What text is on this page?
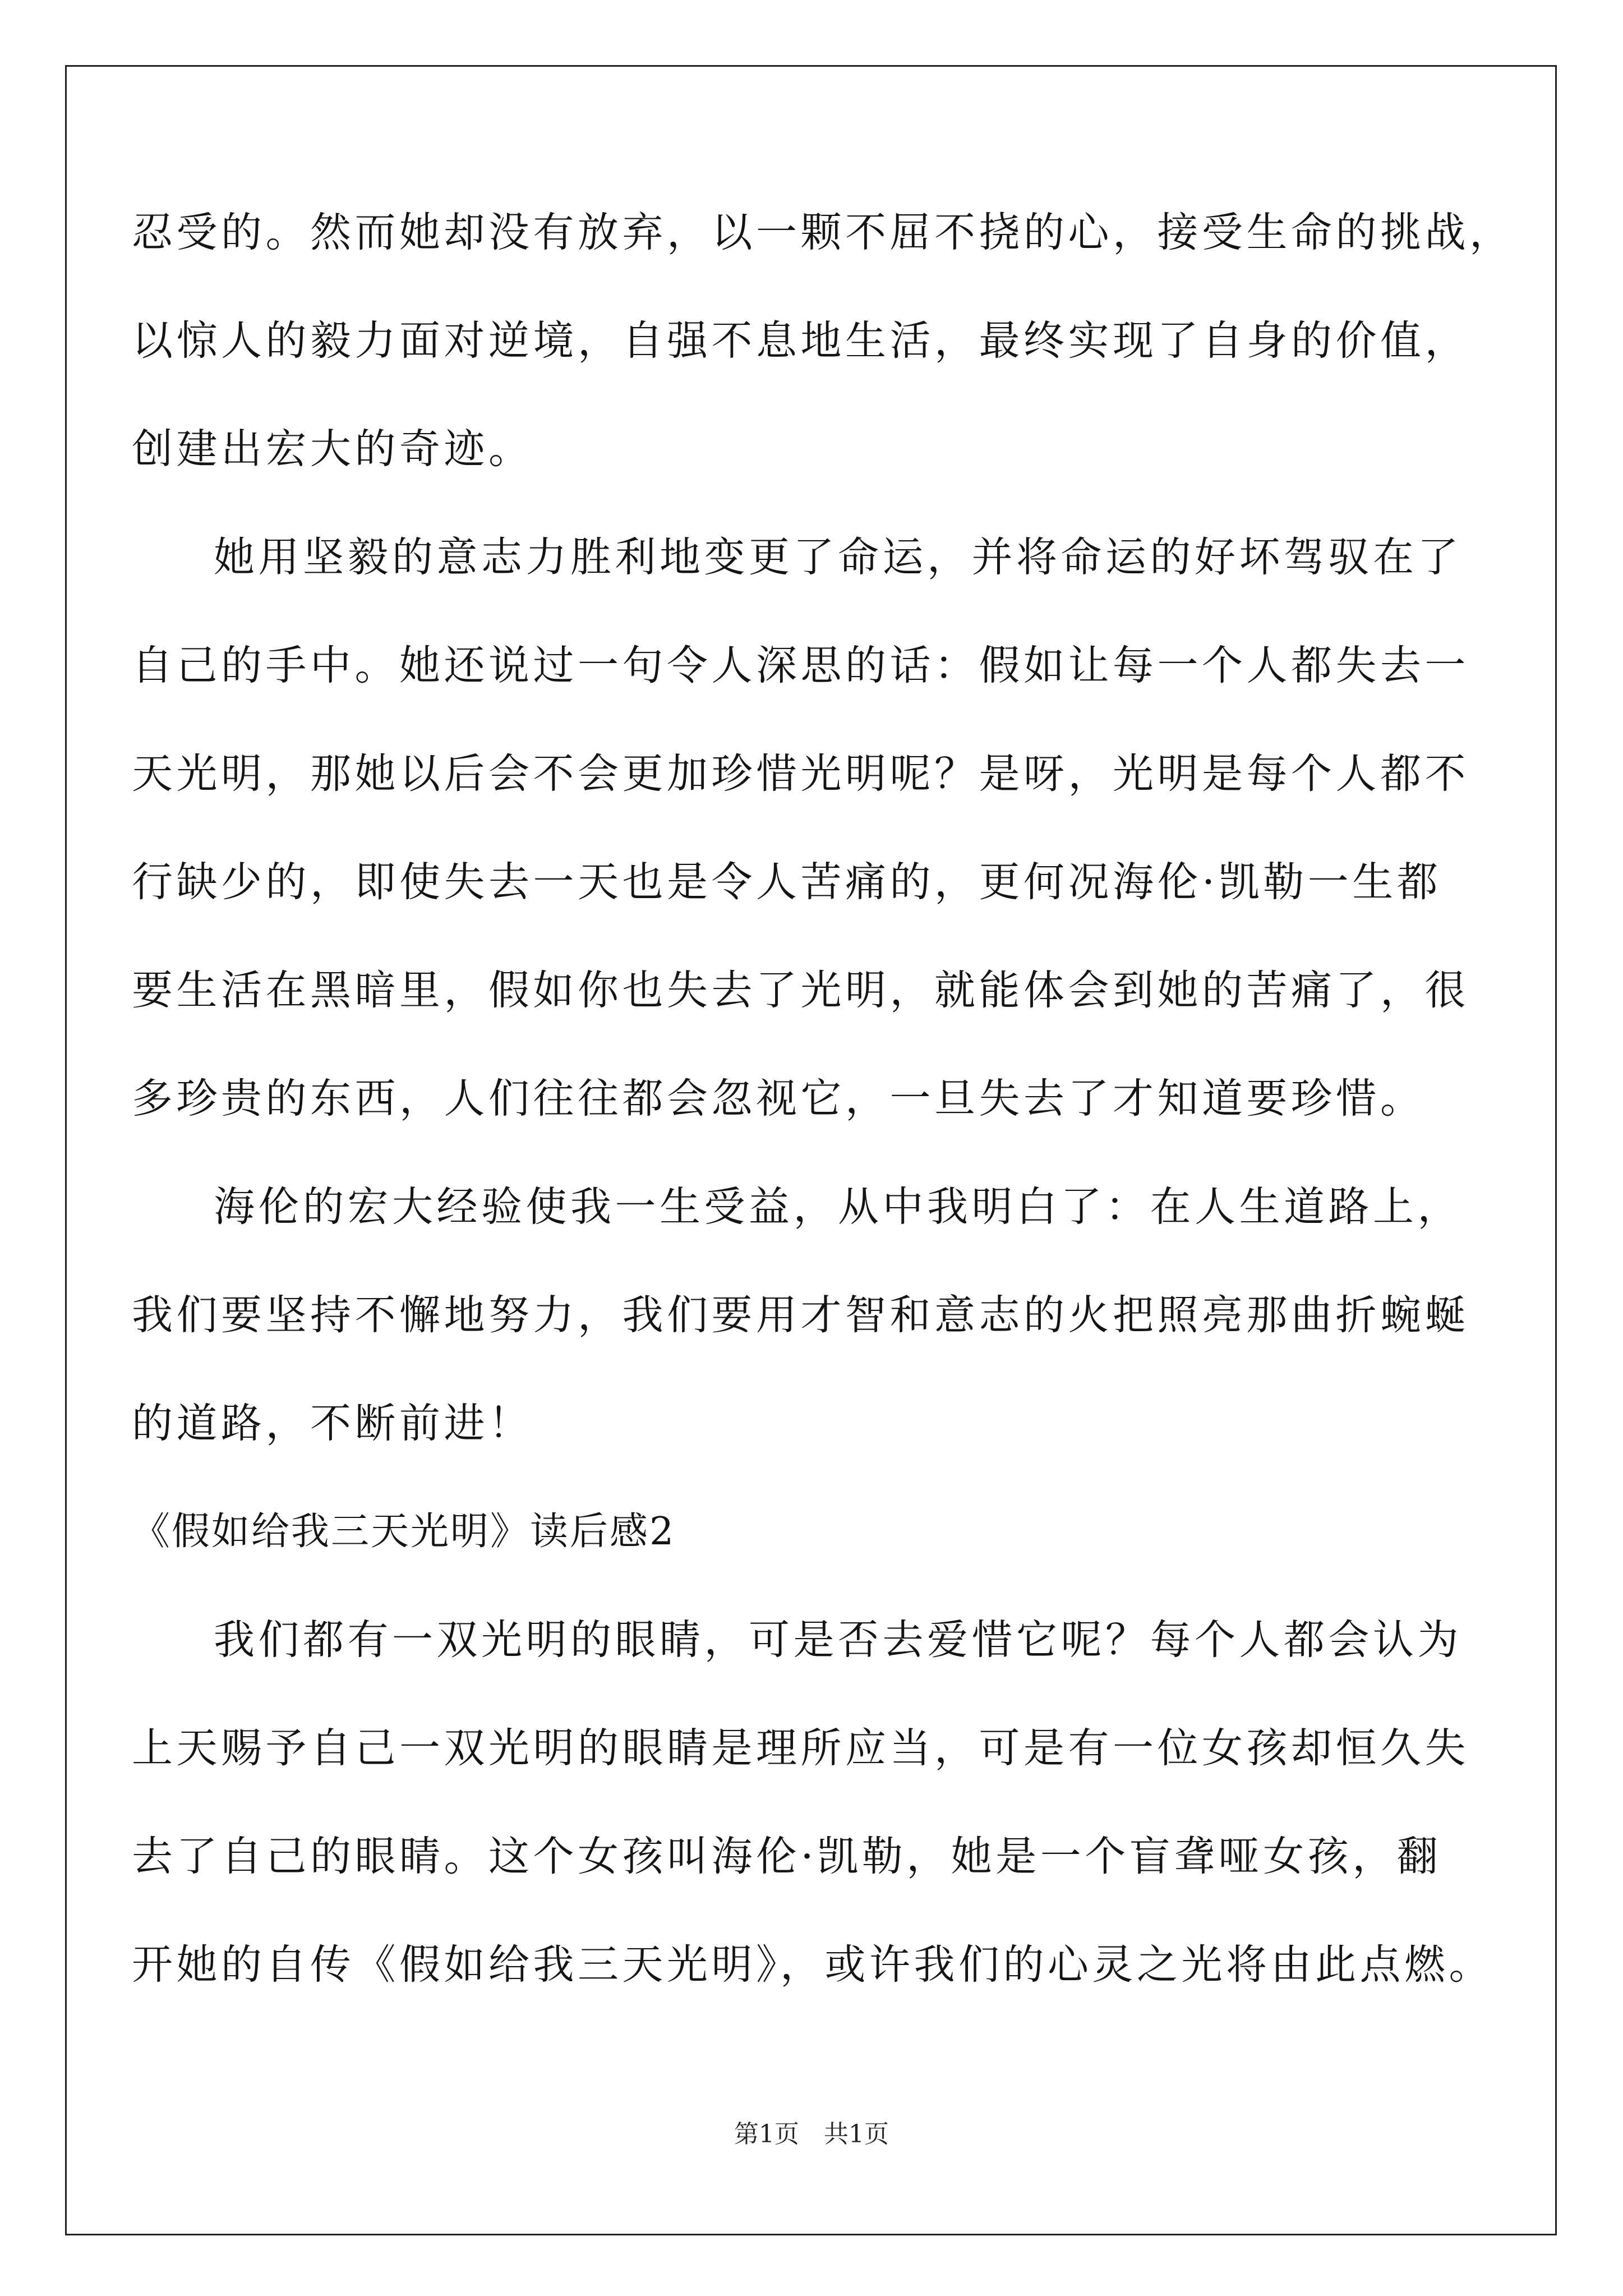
忍受的。然而她却没有放弃，以一颗不屈不挠的心，接受生命的挑战，
以惊人的毅力面对逆境，自强不息地生活，最终实现了自身的价值，
创建出宏大的奇迹。
她用坚毅的意志力胜利地变更了命运，并将命运的好坏驾驭在了
自己的手中。她还说过一句令人深思的话：假如让每一个人都失去一
天光明，那她以后会不会更加珍惜光明呢？是呀，光明是每个人都不
行缺少的，即使失去一天也是令人苦痛的，更何况海伦·凯勒一生都
要生活在黑暗里，假如你也失去了光明，就能体会到她的苦痛了，很
多珍贵的东西，人们往往都会忽视它，一旦失去了才知道要珍惜。
海伦的宏大经验使我一生受益，从中我明白了：在人生道路上，
我们要坚持不懈地努力，我们要用才智和意志的火把照亮那曲折蜿蜒
的道路，不断前进！
《假如给我三天光明》读后感2
我们都有一双光明的眼睛，可是否去爱惜它呢？每个人都会认为
上天赐予自己一双光明的眼睛是理所应当，可是有一位女孩却恒久失
去了自己的眼睛。这个女孩叫海伦·凯勒，她是一个盲聋哑女孩，翻
开她的自传《假如给我三天光明》，或许我们的心灵之光将由此点燃。
第1页 共1页
